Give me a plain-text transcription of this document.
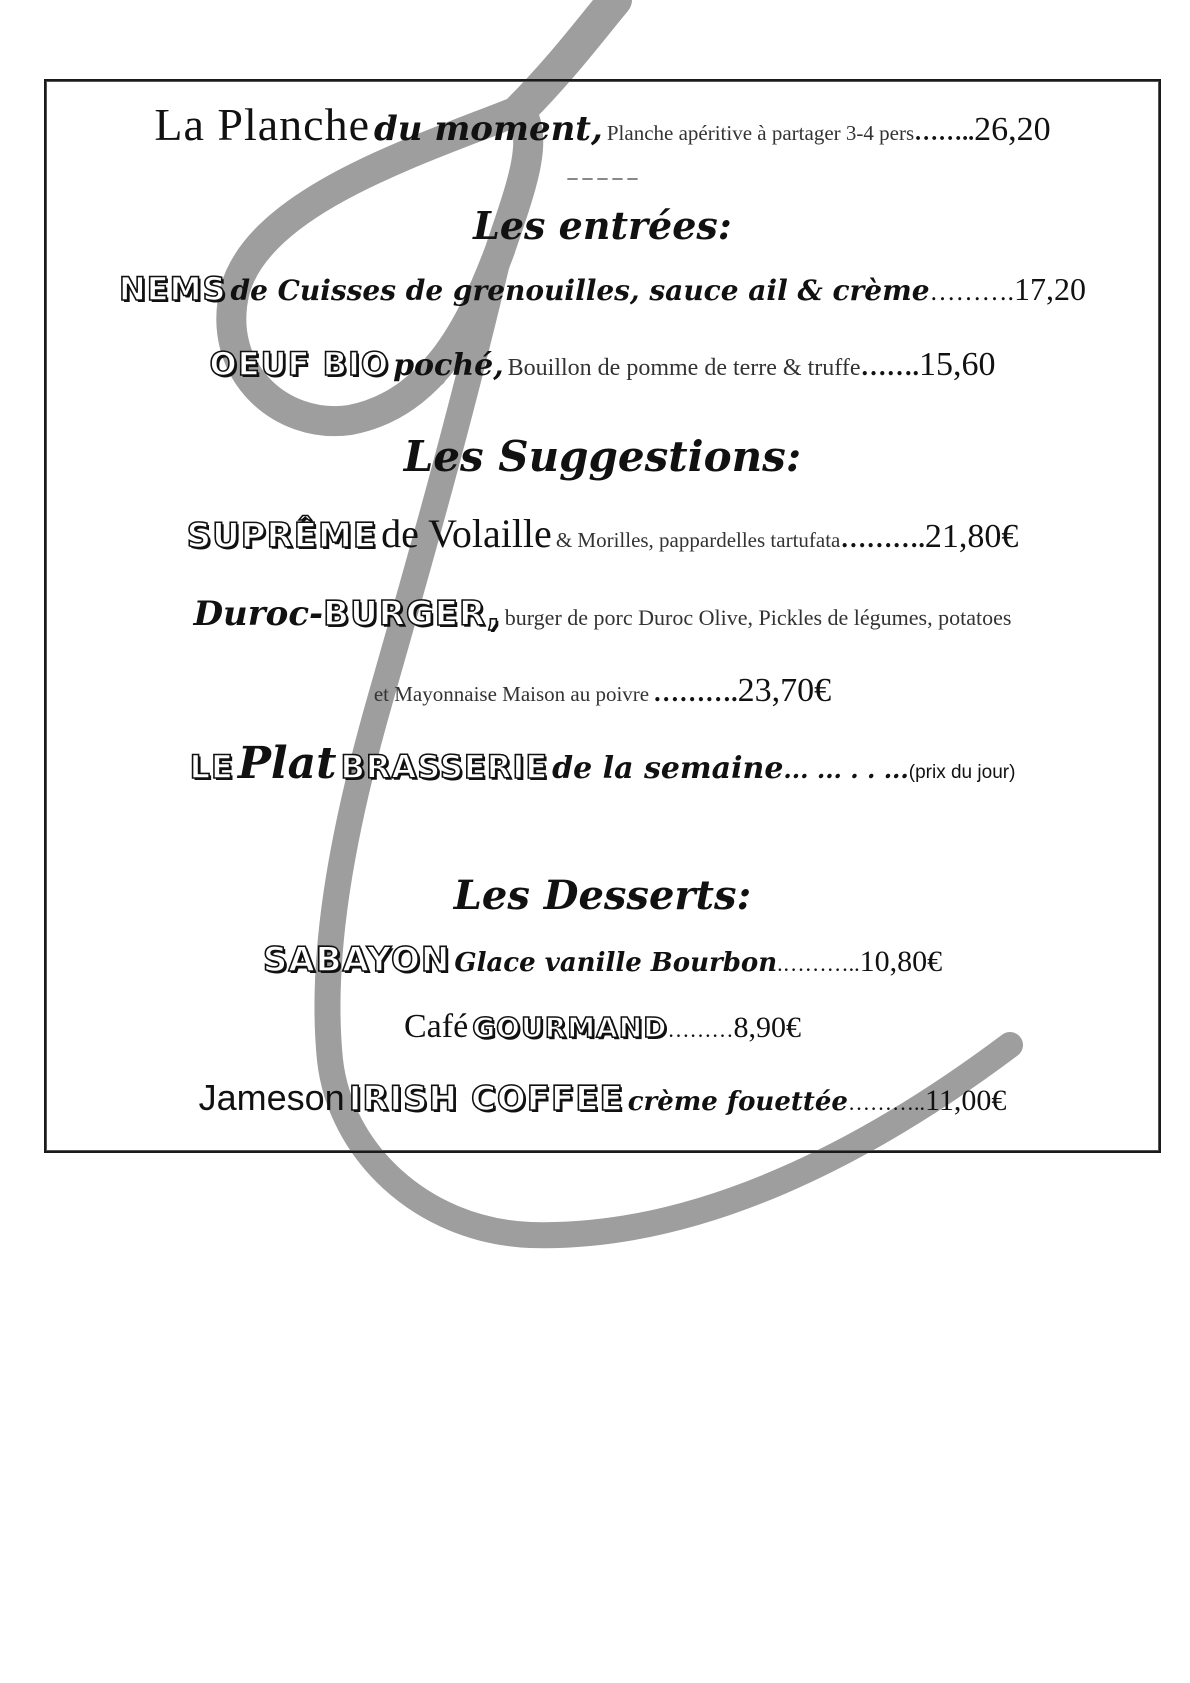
La Planche du moment, Planche apéritive à partager 3-4 pers……..26,20
_ _ _ _ _
Les entrées:
NEMS de Cuisses de grenouilles, sauce ail & crème……….17,20
OEUF BIO poché, Bouillon de pomme de terre & truffe…….15,60
Les Suggestions:
SUPRÊME de Volaille & Morilles, pappardelles tartufata……….21,80€
Duroc-BURGER, burger de porc Duroc Olive, Pickles de légumes, potatoes
et Mayonnaise Maison au poivre ……….23,70€
LE Plat BRASSERIE de la semaine... ... . . ...(prix du jour)
Les Desserts:
SABAYON Glace vanille Bourbon.………..10,80€
Café GOURMAND………8,90€
Jameson IRISH COFFEE crème fouettée………..11,00€
